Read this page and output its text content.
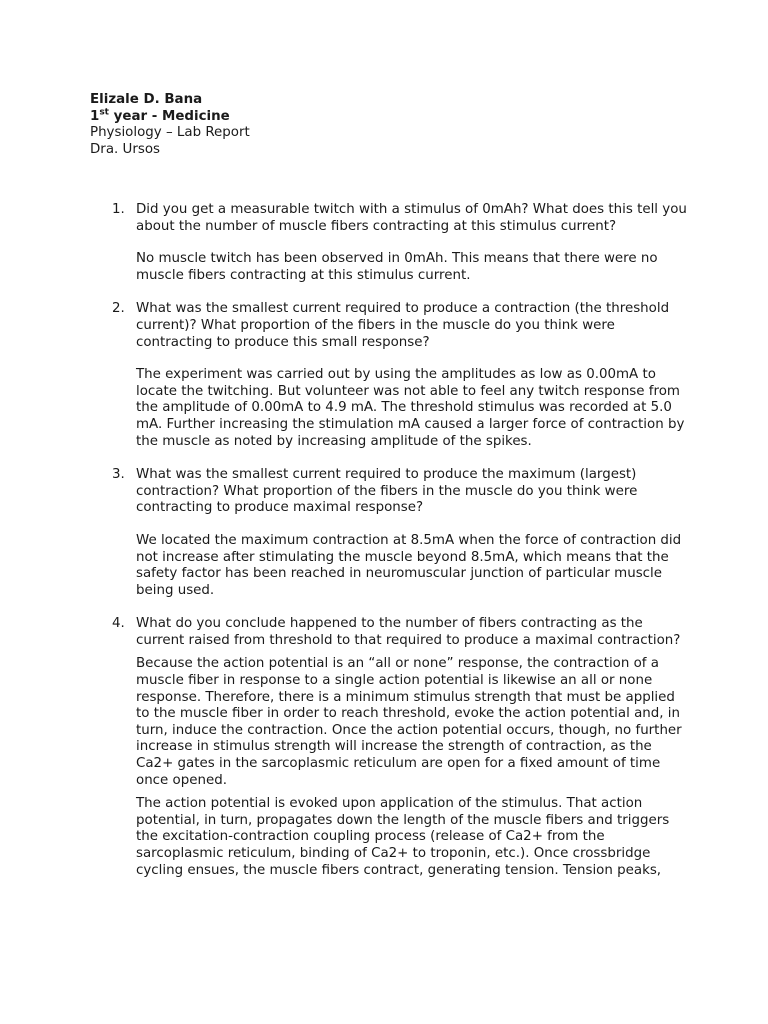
Elizale D. Bana
1st year - Medicine
Physiology – Lab Report
Dra. Ursos
1. Did you get a measurable twitch with a stimulus of 0mAh? What does this tell you about the number of muscle fibers contracting at this stimulus current?

No muscle twitch has been observed in 0mAh. This means that there were no muscle fibers contracting at this stimulus current.

2. What was the smallest current required to produce a contraction (the threshold current)? What proportion of the fibers in the muscle do you think were contracting to produce this small response?

The experiment was carried out by using the amplitudes as low as 0.00mA to locate the twitching. But volunteer was not able to feel any twitch response from the amplitude of 0.00mA to 4.9 mA. The threshold stimulus was recorded at 5.0 mA. Further increasing the stimulation mA caused a larger force of contraction by the muscle as noted by increasing amplitude of the spikes.

3. What was the smallest current required to produce the maximum (largest) contraction? What proportion of the fibers in the muscle do you think were contracting to produce maximal response?

We located the maximum contraction at 8.5mA when the force of contraction did not increase after stimulating the muscle beyond 8.5mA, which means that the safety factor has been reached in neuromuscular junction of particular muscle being used.

4. What do you conclude happened to the number of fibers contracting as the current raised from threshold to that required to produce a maximal contraction?

Because the action potential is an “all or none” response, the contraction of a muscle fiber in response to a single action potential is likewise an all or none response. Therefore, there is a minimum stimulus strength that must be applied to the muscle fiber in order to reach threshold, evoke the action potential and, in turn, induce the contraction. Once the action potential occurs, though, no further increase in stimulus strength will increase the strength of contraction, as the Ca2+ gates in the sarcoplasmic reticulum are open for a fixed amount of time once opened.

The action potential is evoked upon application of the stimulus. That action potential, in turn, propagates down the length of the muscle fibers and triggers the excitation-contraction coupling process (release of Ca2+ from the sarcoplasmic reticulum, binding of Ca2+ to troponin, etc.). Once crossbridge cycling ensues, the muscle fibers contract, generating tension. Tension peaks,
